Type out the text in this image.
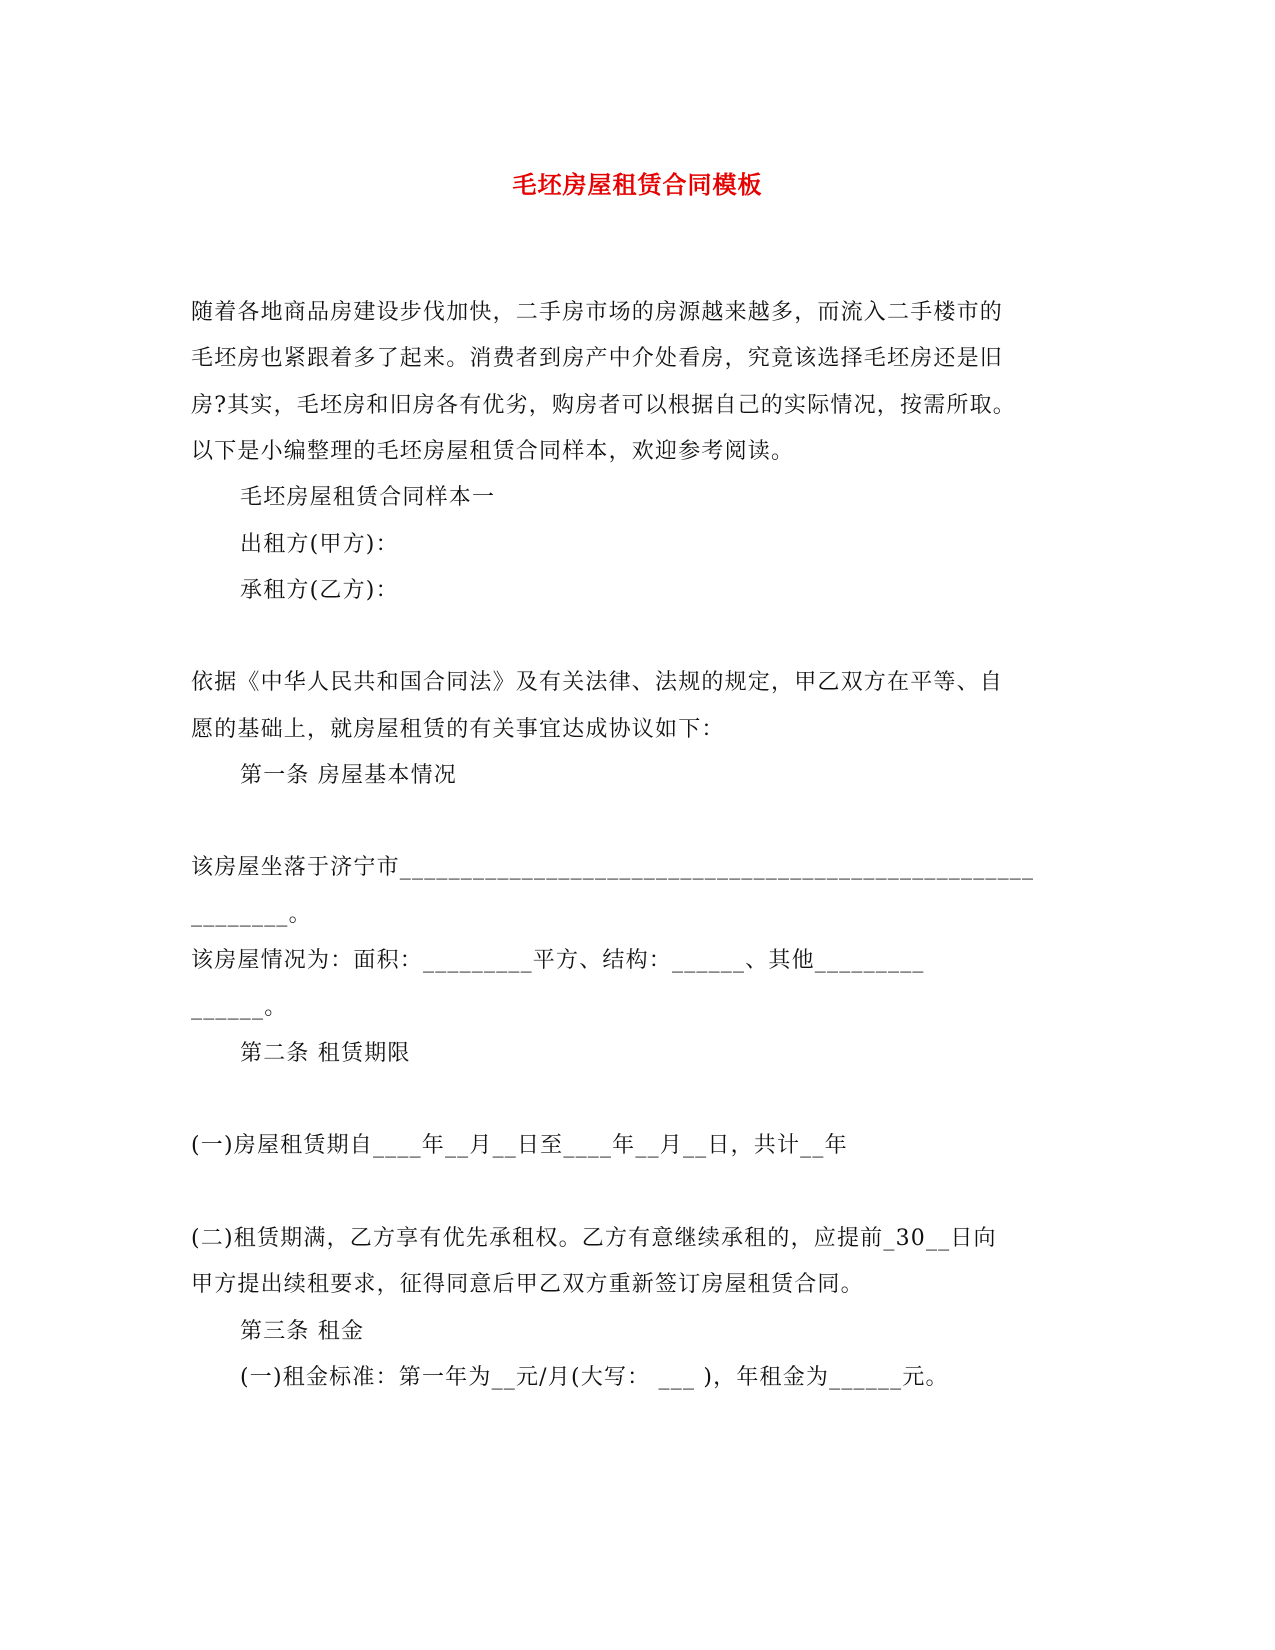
毛坯房屋租赁合同模板
随着各地商品房建设步伐加快，二手房市场的房源越来越多，而流入二手楼市的
毛坯房也紧跟着多了起来。消费者到房产中介处看房，究竟该选择毛坯房还是旧
房?其实，毛坯房和旧房各有优劣，购房者可以根据自己的实际情况，按需所取。
以下是小编整理的毛坯房屋租赁合同样本，欢迎参考阅读。
毛坯房屋租赁合同样本一
出租方(甲方)：
承租方(乙方)：
依据《中华人民共和国合同法》及有关法律、法规的规定，甲乙双方在平等、自
愿的基础上，就房屋租赁的有关事宜达成协议如下：
第一条 房屋基本情况
该房屋坐落于济宁市____________________________________________________
________。
该房屋情况为：面积：_________平方、结构：______、其他_________
______。
第二条 租赁期限
(一)房屋租赁期自____年__月__日至____年__月__日，共计__年
(二)租赁期满，乙方享有优先承租权。乙方有意继续承租的，应提前_30__日向
甲方提出续租要求，征得同意后甲乙双方重新签订房屋租赁合同。
第三条 租金
(一)租金标准：第一年为__元/月(大写： ___ )，年租金为______元。
